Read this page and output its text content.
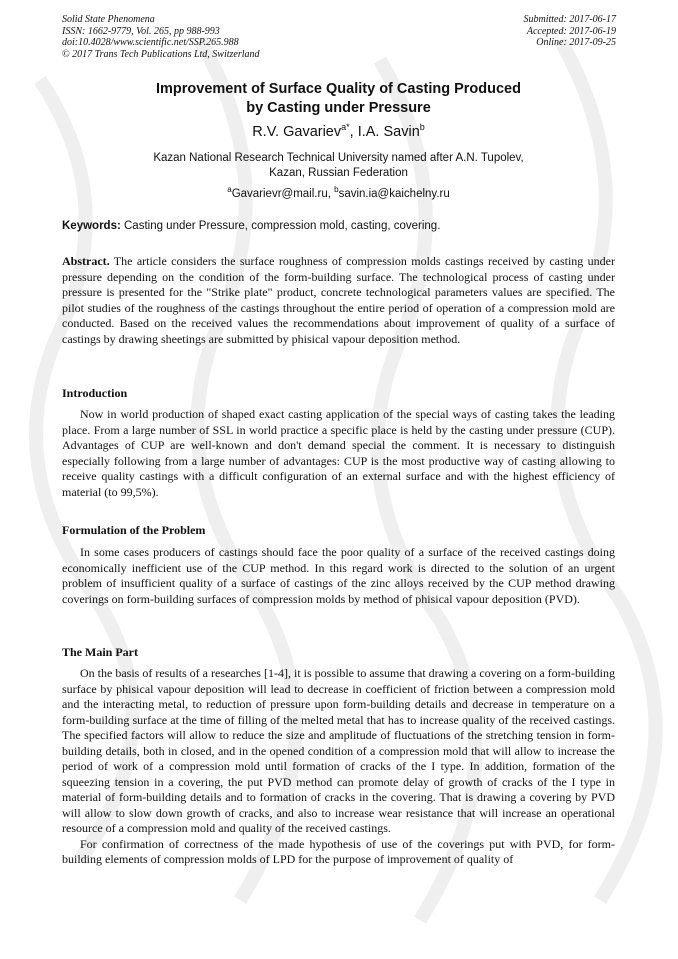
Solid State Phenomena
ISSN: 1662-9779, Vol. 265, pp 988-993
doi:10.4028/www.scientific.net/SSP.265.988
© 2017 Trans Tech Publications Ltd, Switzerland
Submitted: 2017-06-17
Accepted: 2017-06-19
Online: 2017-09-25
Improvement of Surface Quality of Casting Produced
by Casting under Pressure
R.V. Gavariev$^{a*}$, I.A. Savin$^b$
Kazan National Research Technical University named after A.N. Tupolev,
Kazan, Russian Federation
$^a$Gavarievr@mail.ru, $^b$savin.ia@kaichelny.ru
Keywords: Casting under Pressure, compression mold, casting, covering.
Abstract. The article considers the surface roughness of compression molds castings received by casting under pressure depending on the condition of the form-building surface. The technological process of casting under pressure is presented for the "Strike plate" product, concrete technological parameters values are specified. The pilot studies of the roughness of the castings throughout the entire period of operation of a compression mold are conducted. Based on the received values the recommendations about improvement of quality of a surface of castings by drawing sheetings are submitted by phisical vapour deposition method.
Introduction

Now in world production of shaped exact casting application of the special ways of casting takes the leading place. From a large number of SSL in world practice a specific place is held by the casting under pressure (CUP). Advantages of CUP are well-known and don't demand special the comment. It is necessary to distinguish especially following from a large number of advantages: CUP is the most productive way of casting allowing to receive quality castings with a difficult configuration of an external surface and with the highest efficiency of material (to 99,5%).

Formulation of the Problem

In some cases producers of castings should face the poor quality of a surface of the received castings doing economically inefficient use of the CUP method. In this regard work is directed to the solution of an urgent problem of insufficient quality of a surface of castings of the zinc alloys received by the CUP method drawing coverings on form-building surfaces of compression molds by method of phisical vapour deposition (PVD).

The Main Part

On the basis of results of a researches [1-4], it is possible to assume that drawing a covering on a form-building surface by phisical vapour deposition will lead to decrease in coefficient of friction between a compression mold and the interacting metal, to reduction of pressure upon form-building details and decrease in temperature on a form-building surface at the time of filling of the melted metal that has to increase quality of the received castings. The specified factors will allow to reduce the size and amplitude of fluctuations of the stretching tension in form-building details, both in closed, and in the opened condition of a compression mold that will allow to increase the period of work of a compression mold until formation of cracks of the I type. In addition, formation of the squeezing tension in a covering, the put PVD method can promote delay of growth of cracks of the I type in material of form-building details and to formation of cracks in the covering. That is drawing a covering by PVD will allow to slow down growth of cracks, and also to increase wear resistance that will increase an operational resource of a compression mold and quality of the received castings.

For confirmation of correctness of the made hypothesis of use of the coverings put with PVD, for form-building elements of compression molds of LPD for the purpose of improvement of quality of
